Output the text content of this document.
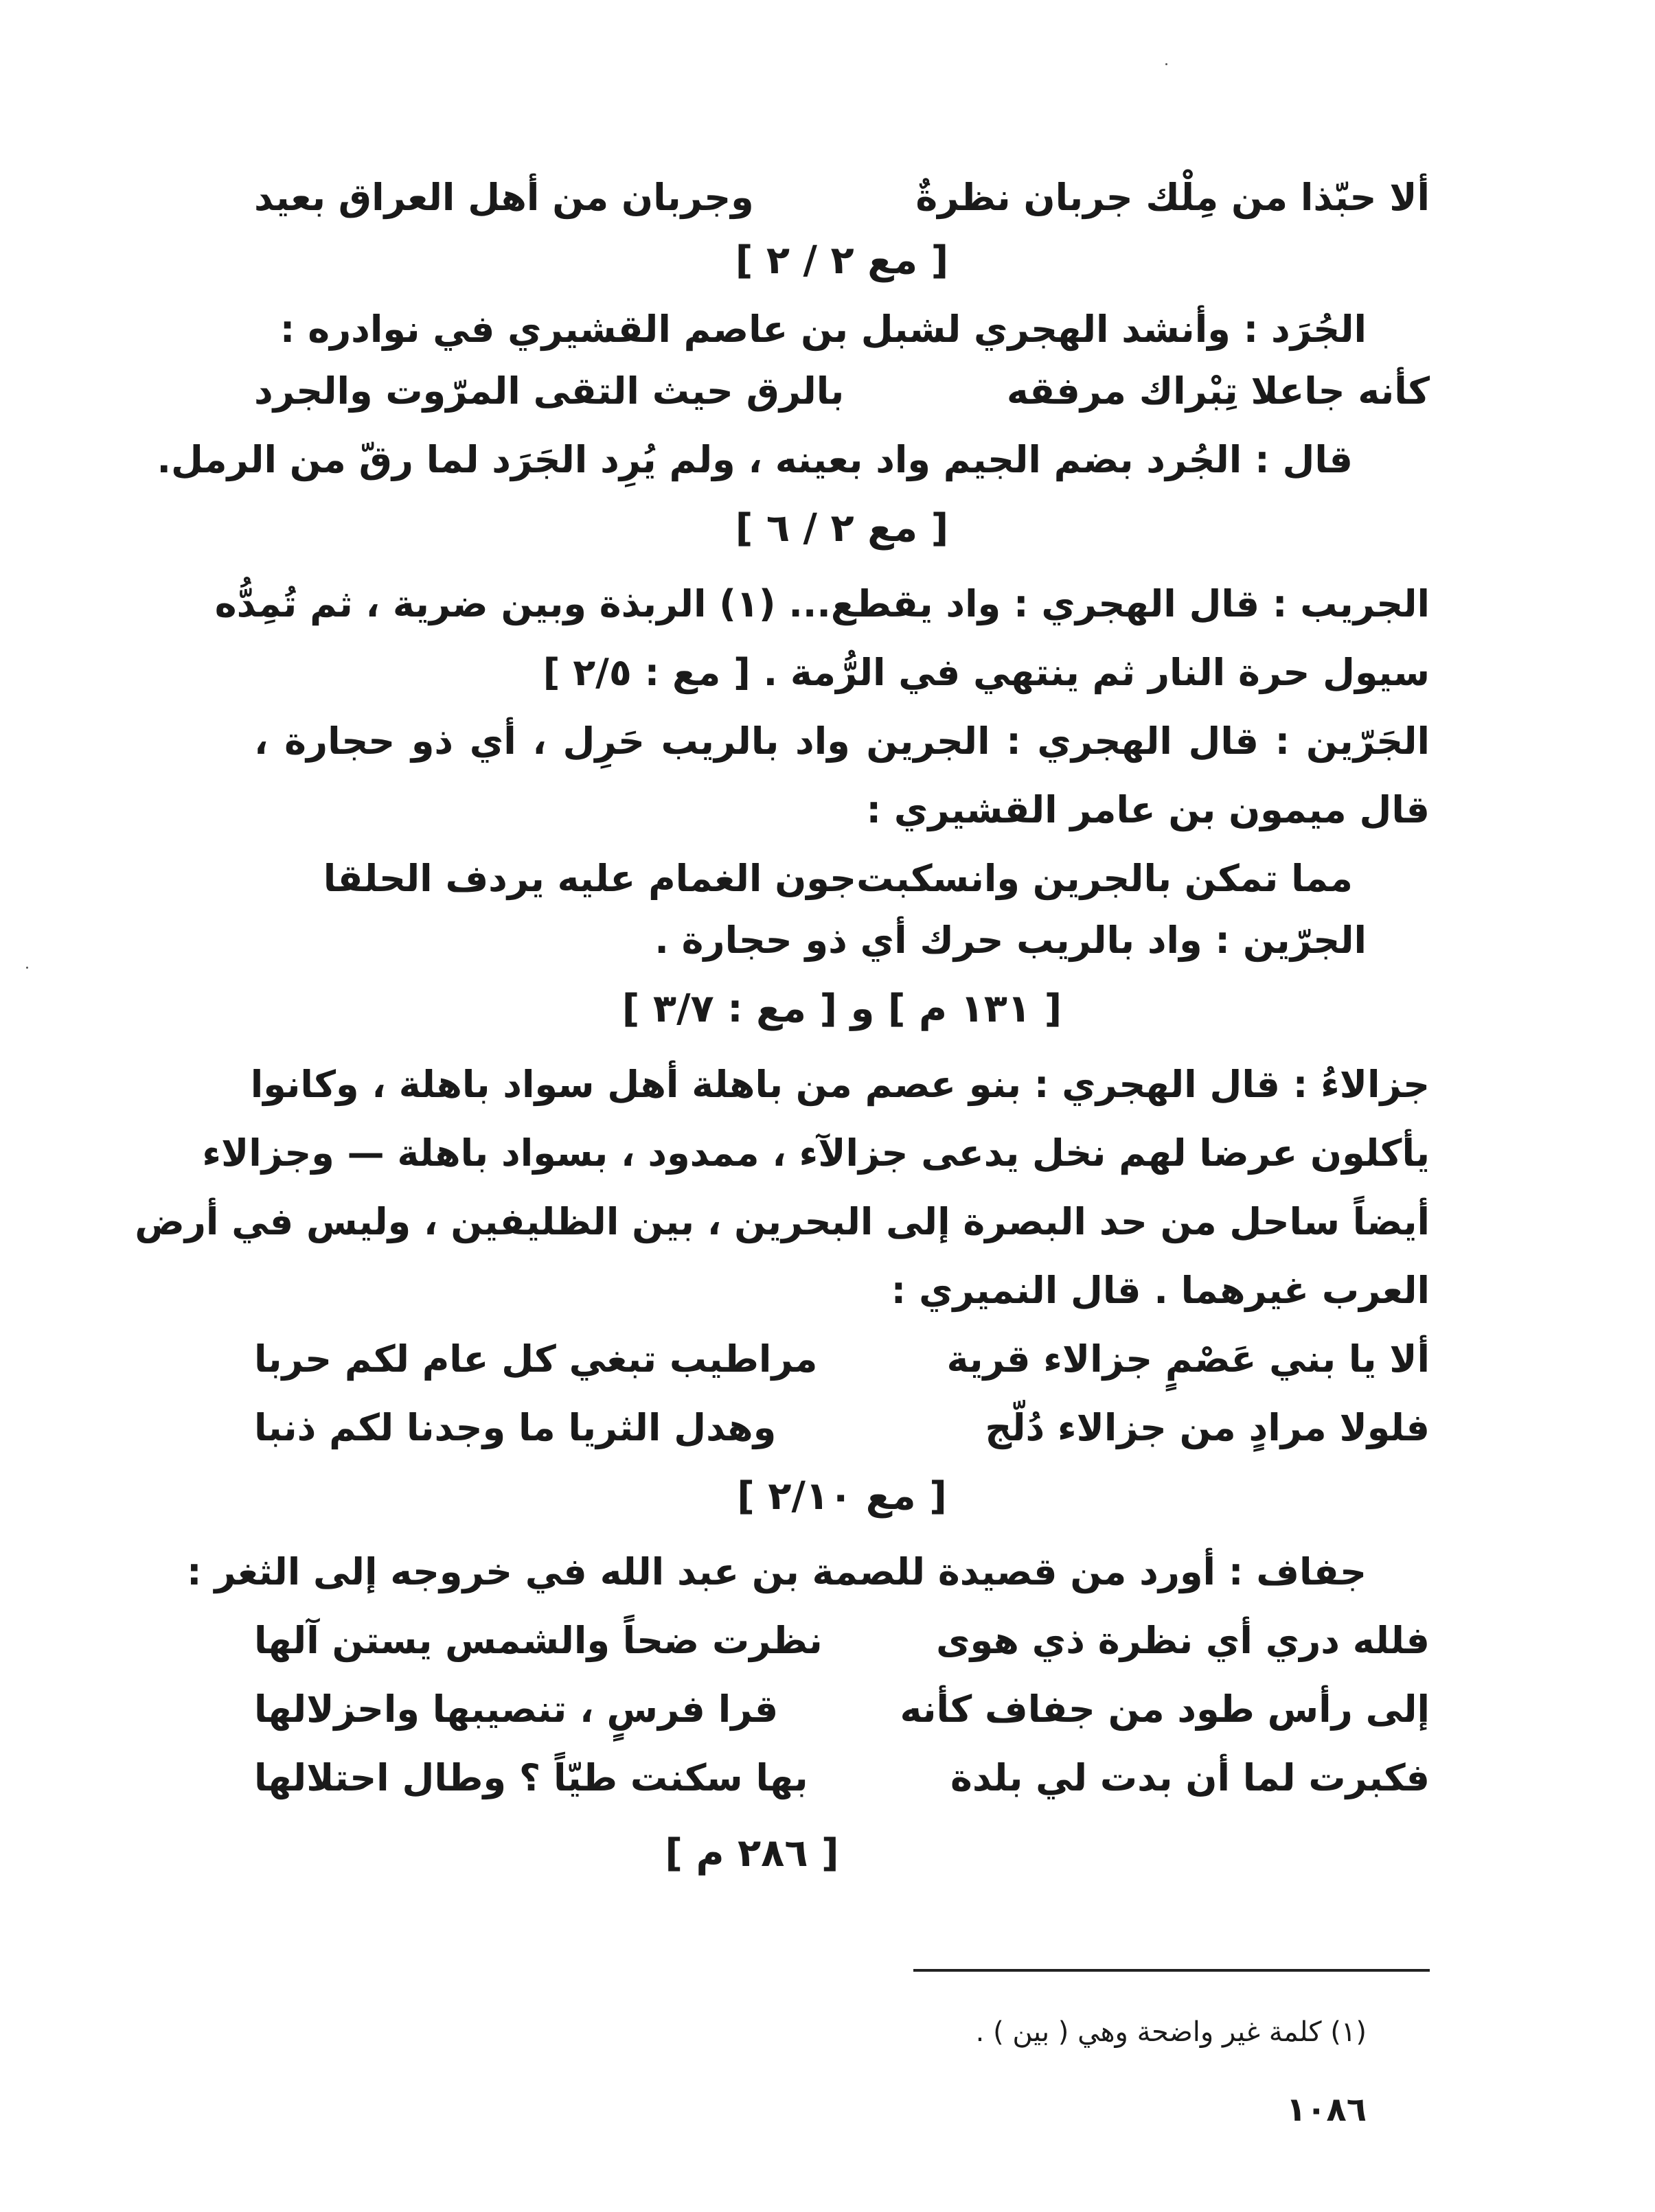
ألا حبّذا من مِلْك جربان نظرةٌ
وجربان من أهل العراق بعيد
[ مع ٢ / ٢ ]
الجُرَد : وأنشد الهجري لشبل بن عاصم القشيري في نوادره :
كأنه جاعلا تِبْراك مرفقه
بالرق حيث التقى المرّوت والجرد
قال : الجُرد بضم الجيم واد بعينه ، ولم يُرِد الجَرَد لما رقّ من الرمل.
[ مع ٢ / ٦ ]
الجريب : قال الهجري : واد يقطع... (١) الربذة وبين ضرية ، ثم تُمِدُّه
سيول حرة النار ثم ينتهي في الرُّمة . [ مع : ٢/٥ ]
الجَرّين : قال الهجري : الجرين واد بالريب حَرِل ، أي ذو حجارة ،
قال ميمون بن عامر القشيري :
مما تمكن بالجرين وانسكبت
جون الغمام عليه يردف الحلقا
الجرّين : واد بالريب حرك أي ذو حجارة .
[ ١٣١ م ] و [ مع : ٣/٧ ]
جزالاءُ : قال الهجري : بنو عصم من باهلة أهل سواد باهلة ، وكانوا
يأكلون عرضا لهم نخل يدعى جزالآء ، ممدود ، بسواد باهلة — وجزالاء
أيضاً ساحل من حد البصرة إلى البحرين ، بين الظليفين ، وليس في أرض
العرب غيرهما . قال النميري :
ألا يا بني عَصْمٍ جزالاء قرية
مراطيب تبغي كل عام لكم حربا
فلولا مرادٍ من جزالاء دُلّج
وهدل الثريا ما وجدنا لكم ذنبا
[ مع ٢/١٠ ]
جفاف : أورد من قصيدة للصمة بن عبد الله في خروجه إلى الثغر :
فلله دري أي نظرة ذي هوى
نظرت ضحاً والشمس يستن آلها
إلى رأس طود من جفاف كأنه
قرا فرسٍ ، تنصيبها واحزلالها
فكبرت لما أن بدت لي بلدة
بها سكنت طيّاً ؟ وطال احتلالها
[ ٢٨٦ م ]
(١) كلمة غير واضحة وهي ( بين ) .
١٠٨٦
